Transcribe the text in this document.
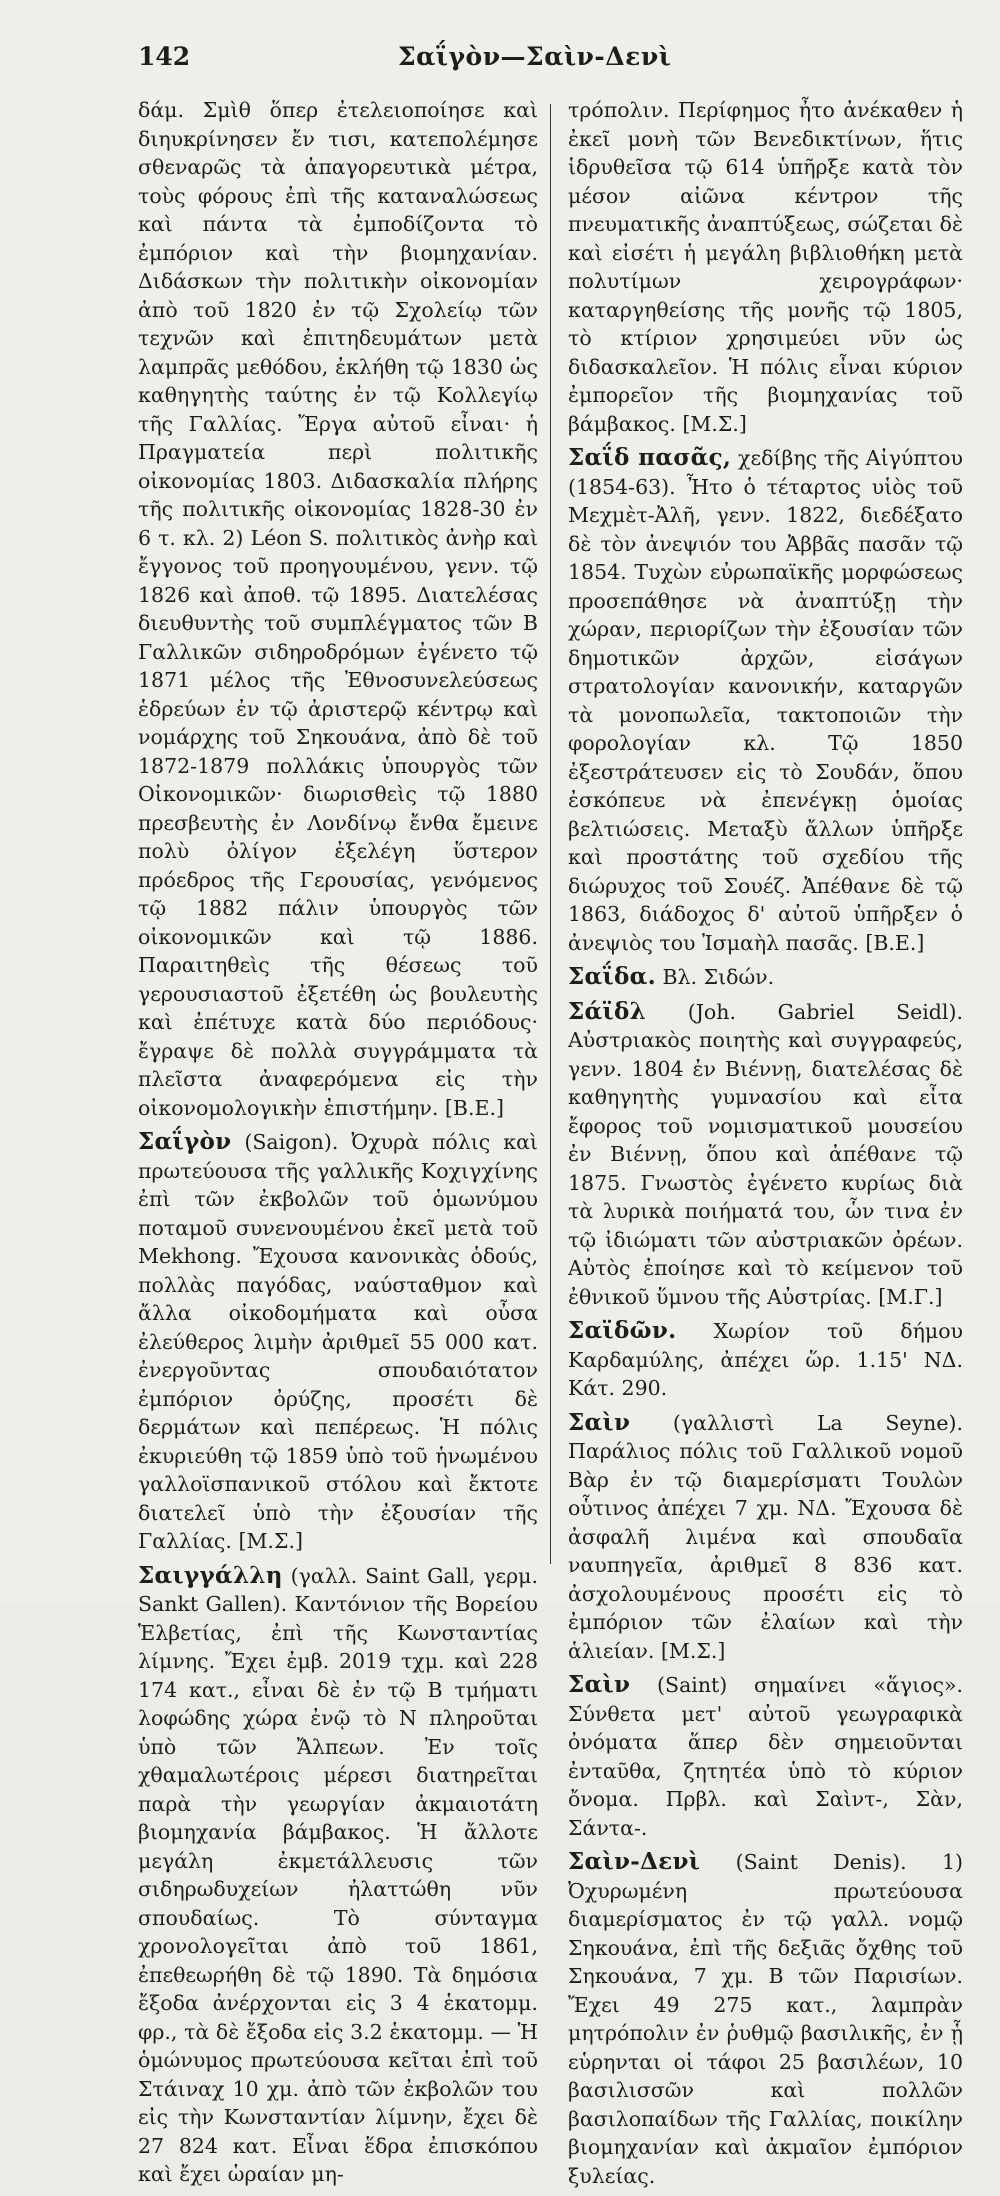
142	Σαΐγὸν—Σαὶν-Δενὶ

δάμ. Σμὶθ ὅπερ ἐτελειοποίησε καὶ διηυκρίνησεν ἔν τισι, κατεπολέμησε σθεναρῶς τὰ ἀπαγορευτικὰ μέτρα, τοὺς φόρους ἐπὶ τῆς καταναλώσεως καὶ πάντα τὰ ἐμποδίζοντα τὸ ἐμπόριον καὶ τὴν βιομηχανίαν. Διδάσκων τὴν πολιτικὴν οἰκονομίαν ἀπὸ τοῦ 1820 ἐν τῷ Σχολείῳ τῶν τεχνῶν καὶ ἐπιτηδευμάτων μετὰ λαμπρᾶς μεθόδου, ἐκλήθη τῷ 1830 ὡς καθηγητὴς ταύτης ἐν τῷ Κολλεγίῳ τῆς Γαλλίας. Ἔργα αὐτοῦ εἶναι· ἡ Πραγματεία περὶ πολιτικῆς οἰκονομίας 1803. Διδασκαλία πλήρης τῆς πολιτικῆς οἰκονομίας 1828-30 ἐν 6 τ. κλ. 2) Léon S. πολιτικὸς ἀνὴρ καὶ ἔγγονος τοῦ προηγουμένου, γενν. τῷ 1826 καὶ ἀποθ. τῷ 1895. Διατελέσας διευθυντὴς τοῦ συμπλέγματος τῶν Β Γαλλικῶν σιδηροδρόμων ἐγένετο τῷ 1871 μέλος τῆς Ἐθνοσυνελεύσεως ἑδρεύων ἐν τῷ ἀριστερῷ κέντρῳ καὶ νομάρχης τοῦ Σηκουάνα, ἀπὸ δὲ τοῦ 1872-1879 πολλάκις ὑπουργὸς τῶν Οἰκονομικῶν· διωρισθεὶς τῷ 1880 πρεσβευτὴς ἐν Λονδίνῳ ἔνθα ἔμεινε πολὺ ὀλίγον ἐξελέγη ὕστερον πρόεδρος τῆς Γερουσίας, γενόμενος τῷ 1882 πάλιν ὑπουργὸς τῶν οἰκονομικῶν καὶ τῷ 1886. Παραιτηθεὶς τῆς θέσεως τοῦ γερουσιαστοῦ ἐξετέθη ὡς βουλευτὴς καὶ ἐπέτυχε κατὰ δύο περιόδους· ἔγραψε δὲ πολλὰ συγγράμματα τὰ πλεῖστα ἀναφερόμενα εἰς τὴν οἰκονομολογικὴν ἐπιστήμην. [Β.Ε.]

Σαΐγὸν (Saigon). Ὀχυρὰ πόλις καὶ πρωτεύουσα τῆς γαλλικῆς Κοχιγχίνης ἐπὶ τῶν ἐκβολῶν τοῦ ὁμωνύμου ποταμοῦ συνενουμένου ἐκεῖ μετὰ τοῦ Mekhong. Ἔχουσα κανονικὰς ὁδούς, πολλὰς παγόδας, ναύσταθμον καὶ ἄλλα οἰκοδομήματα καὶ οὖσα ἐλεύθερος λιμὴν ἀριθμεῖ 55 000 κατ. ἐνεργοῦντας σπουδαιότατον ἐμπόριον ὀρύζης, προσέτι δὲ δερμάτων καὶ πεπέρεως. Ἡ πόλις ἐκυριεύθη τῷ 1859 ὑπὸ τοῦ ἡνωμένου γαλλοϊσπανικοῦ στόλου καὶ ἔκτοτε διατελεῖ ὑπὸ τὴν ἐξουσίαν τῆς Γαλλίας. [Μ.Σ.]

Σαιγγάλλη (γαλλ. Saint Gall, γερμ. Sankt Gallen). Καντόνιον τῆς Βορείου Ἑλβετίας, ἐπὶ τῆς Κωνσταντίας λίμνης. Ἔχει ἐμβ. 2019 τχμ. καὶ 228 174 κατ., εἶναι δὲ ἐν τῷ Β τμήματι λοφώδης χώρα ἐνῷ τὸ Ν πληροῦται ὑπὸ τῶν Ἄλπεων. Ἐν τοῖς χθαμαλωτέροις μέρεσι διατηρεῖται παρὰ τὴν γεωργίαν ἀκμαιοτάτη βιομηχανία βάμβακος. Ἡ ἄλλοτε μεγάλη ἐκμετάλλευσις τῶν σιδηρωδυχείων ἠλαττώθη νῦν σπουδαίως. Τὸ σύνταγμα χρονολογεῖται ἀπὸ τοῦ 1861, ἐπεθεωρήθη δὲ τῷ 1890. Τὰ δημόσια ἔξοδα ἀνέρχονται εἰς 3 4 ἑκατομμ. φρ., τὰ δὲ ἔξοδα εἰς 3.2 ἑκατομμ. — Ἡ ὁμώνυμος πρωτεύουσα κεῖται ἐπὶ τοῦ Στάιναχ 10 χμ. ἀπὸ τῶν ἐκβολῶν του εἰς τὴν Κωνσταντίαν λίμνην, ἔχει δὲ 27 824 κατ. Εἶναι ἕδρα ἐπισκόπου καὶ ἔχει ὡραίαν μη-

τρόπολιν. Περίφημος ἦτο ἀνέκαθεν ἡ ἐκεῖ μονὴ τῶν Βενεδικτίνων, ἥτις ἱδρυθεῖσα τῷ 614 ὑπῆρξε κατὰ τὸν μέσον αἰῶνα κέντρον τῆς πνευματικῆς ἀναπτύξεως, σώζεται δὲ καὶ εἰσέτι ἡ μεγάλη βιβλιοθήκη μετὰ πολυτίμων χειρογράφων· καταργηθείσης τῆς μονῆς τῷ 1805, τὸ κτίριον χρησιμεύει νῦν ὡς διδασκαλεῖον. Ἡ πόλις εἶναι κύριον ἐμπορεῖον τῆς βιομηχανίας τοῦ βάμβακος. [Μ.Σ.]

Σαΐδ πασᾶς, χεδίβης τῆς Αἰγύπτου (1854-63). Ἦτο ὁ τέταρτος υἱὸς τοῦ Μεχμὲτ-Ἀλῆ, γενν. 1822, διεδέξατο δὲ τὸν ἀνεψιόν του Ἀββᾶς πασᾶν τῷ 1854. Τυχὼν εὐρωπαϊκῆς μορφώσεως προσεπάθησε νὰ ἀναπτύξῃ τὴν χώραν, περιορίζων τὴν ἐξουσίαν τῶν δημοτικῶν ἀρχῶν, εἰσάγων στρατολογίαν κανονικήν, καταργῶν τὰ μονοπωλεῖα, τακτοποιῶν τὴν φορολογίαν κλ. Τῷ 1850 ἐξεστράτευσεν εἰς τὸ Σουδάν, ὅπου ἐσκόπευε νὰ ἐπενέγκῃ ὁμοίας βελτιώσεις. Μεταξὺ ἄλλων ὑπῆρξε καὶ προστάτης τοῦ σχεδίου τῆς διώρυχος τοῦ Σουέζ. Ἀπέθανε δὲ τῷ 1863, διάδοχος δ' αὐτοῦ ὑπῆρξεν ὁ ἀνεψιὸς του Ἰσμαὴλ πασᾶς. [Β.Ε.]

Σαΐδα. Βλ. Σιδών.

Σάϊδλ (Joh. Gabriel Seidl). Αὐστριακὸς ποιητὴς καὶ συγγραφεύς, γενν. 1804 ἐν Βιέννῃ, διατελέσας δὲ καθηγητὴς γυμνασίου καὶ εἶτα ἔφορος τοῦ νομισματικοῦ μουσείου ἐν Βιέννῃ, ὅπου καὶ ἀπέθανε τῷ 1875. Γνωστὸς ἐγένετο κυρίως διὰ τὰ λυρικὰ ποιήματά του, ὧν τινα ἐν τῷ ἰδιώματι τῶν αὐστριακῶν ὀρέων. Αὐτὸς ἐποίησε καὶ τὸ κείμενον τοῦ ἐθνικοῦ ὕμνου τῆς Αὐστρίας. [Μ.Γ.]

Σαϊδῶν. Χωρίον τοῦ δήμου Καρδαμύλης, ἀπέχει ὥρ. 1.15' ΝΔ. Κάτ. 290.

Σαὶν (γαλλιστὶ La Seyne). Παράλιος πόλις τοῦ Γαλλικοῦ νομοῦ Βὰρ ἐν τῷ διαμερίσματι Τουλὼν οὗτινος ἀπέχει 7 χμ. ΝΔ. Ἔχουσα δὲ ἀσφαλῆ λιμένα καὶ σπουδαῖα ναυπηγεῖα, ἀριθμεῖ 8 836 κατ. ἀσχολουμένους προσέτι εἰς τὸ ἐμπόριον τῶν ἐλαίων καὶ τὴν ἁλιείαν. [Μ.Σ.]

Σαὶν (Saint) σημαίνει «ἅγιος». Σύνθετα μετ' αὐτοῦ γεωγραφικὰ ὀνόματα ἅπερ δὲν σημειοῦνται ἐνταῦθα, ζητητέα ὑπὸ τὸ κύριον ὄνομα. Πρβλ. καὶ Σαὶντ-, Σὰν, Σάντα-.

Σαὶν-Δενὶ (Saint Denis). 1) Ὀχυρωμένη πρωτεύουσα διαμερίσματος ἐν τῷ γαλλ. νομῷ Σηκουάνα, ἐπὶ τῆς δεξιᾶς ὄχθης τοῦ Σηκουάνα, 7 χμ. Β τῶν Παρισίων. Ἔχει 49 275 κατ., λαμπρὰν μητρόπολιν ἐν ῥυθμῷ βασιλικῆς, ἐν ᾗ εὑρηνται οἱ τάφοι 25 βασιλέων, 10 βασιλισσῶν καὶ πολλῶν βασιλοπαίδων τῆς Γαλλίας, ποικίλην βιομηχανίαν καὶ ἀκμαῖον ἐμπόριον ξυλείας.
